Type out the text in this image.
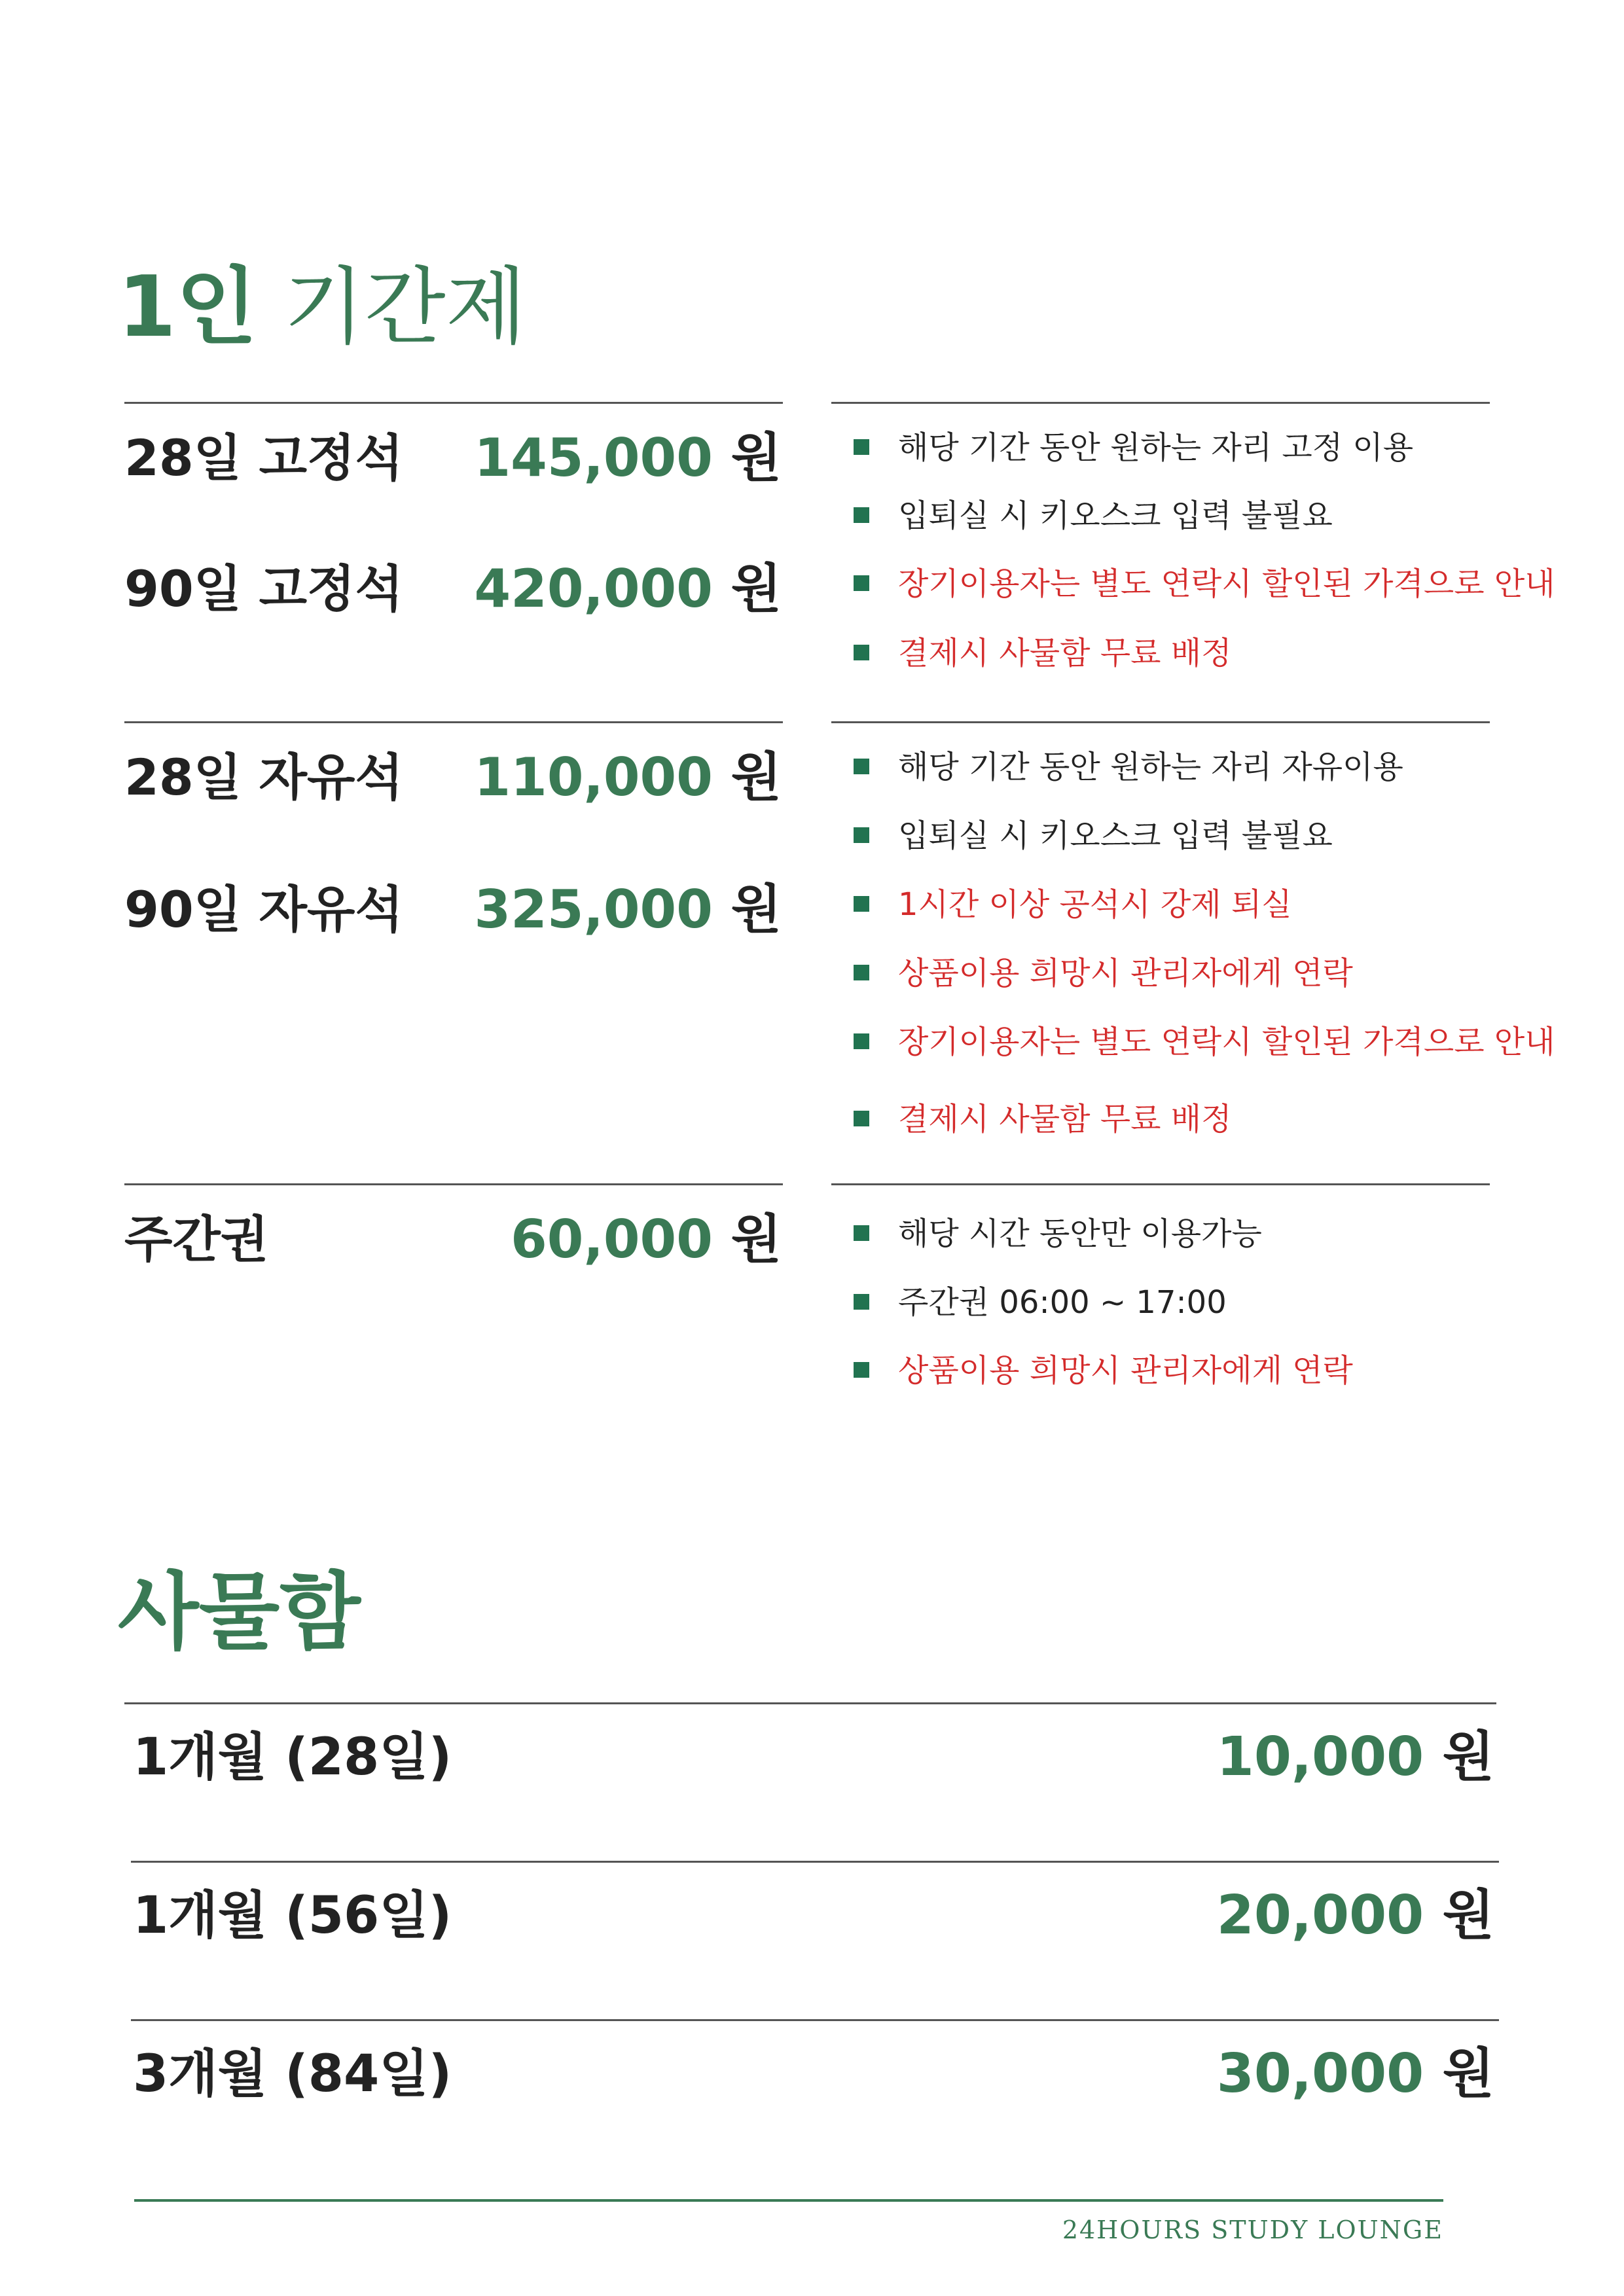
1인 기간제
28일 고정석 145,000 원
90일 고정석 420,000 원
해당 기간 동안 원하는 자리 고정 이용
입퇴실 시 키오스크 입력 불필요
장기이용자는 별도 연락시 할인된 가격으로 안내
결제시 사물함 무료 배정
28일 자유석 110,000 원
90일 자유석 325,000 원
해당 기간 동안 원하는 자리 자유이용
입퇴실 시 키오스크 입력 불필요
1시간 이상 공석시 강제 퇴실
상품이용 희망시 관리자에게 연락
장기이용자는 별도 연락시 할인된 가격으로 안내
결제시 사물함 무료 배정
주간권	60,000 원	해당 시간 동안만 이용가능
주간권 06:00 ~ 17:00
상품이용 희망시 관리자에게 연락
사물함
1개월 (28일)	10,000 원
1개월 (56일)	20,000 원
3개월 (84일)	30,000 원
24HOURS STUDY LOUNGE
